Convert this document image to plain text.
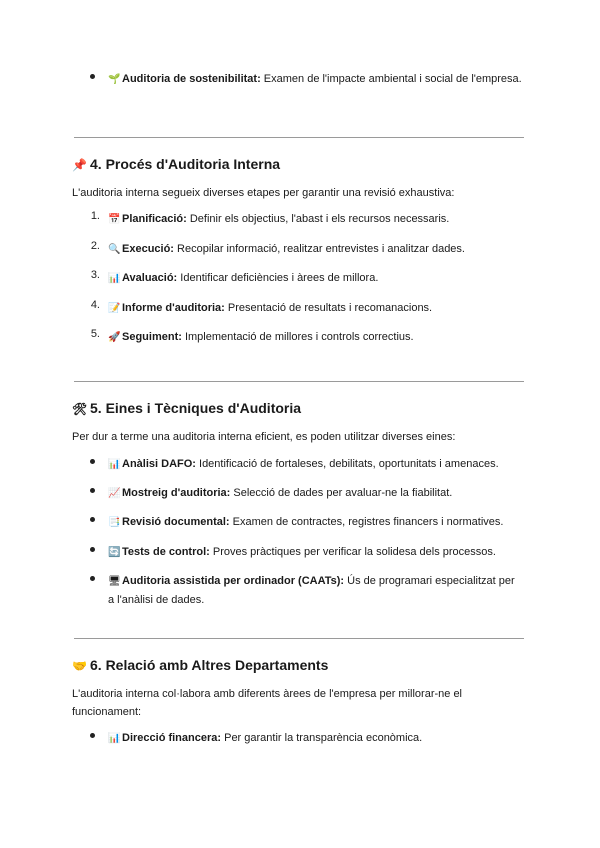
🌱 Auditoria de sostenibilitat: Examen de l'impacte ambiental i social de l'empresa.
📌 4. Procés d'Auditoria Interna
L'auditoria interna segueix diverses etapes per garantir una revisió exhaustiva:
1. 📅 Planificació: Definir els objectius, l'abast i els recursos necessaris.
2. 🔍 Execució: Recopilar informació, realitzar entrevistes i analitzar dades.
3. 📊 Avaluació: Identificar deficiències i àrees de millora.
4. 📝 Informe d'auditoria: Presentació de resultats i recomanacions.
5. 🚀 Seguiment: Implementació de millores i controls correctius.
🛠 5. Eines i Tècniques d'Auditoria
Per dur a terme una auditoria interna eficient, es poden utilitzar diverses eines:
📊 Anàlisi DAFO: Identificació de fortaleses, debilitats, oportunitats i amenaces.
📈 Mostreig d'auditoria: Selecció de dades per avaluar-ne la fiabilitat.
📑 Revisió documental: Examen de contractes, registres financers i normatives.
🔄 Tests de control: Proves pràctiques per verificar la solidesa dels processos.
🖥Auditoria assistida per ordinador (CAATs): Ús de programari especialitzat per a l'anàlisi de dades.
🤝 6. Relació amb Altres Departaments
L'auditoria interna col·labora amb diferents àrees de l'empresa per millorar-ne el funcionament:
📊 Direcció financera: Per garantir la transparència econòmica.
